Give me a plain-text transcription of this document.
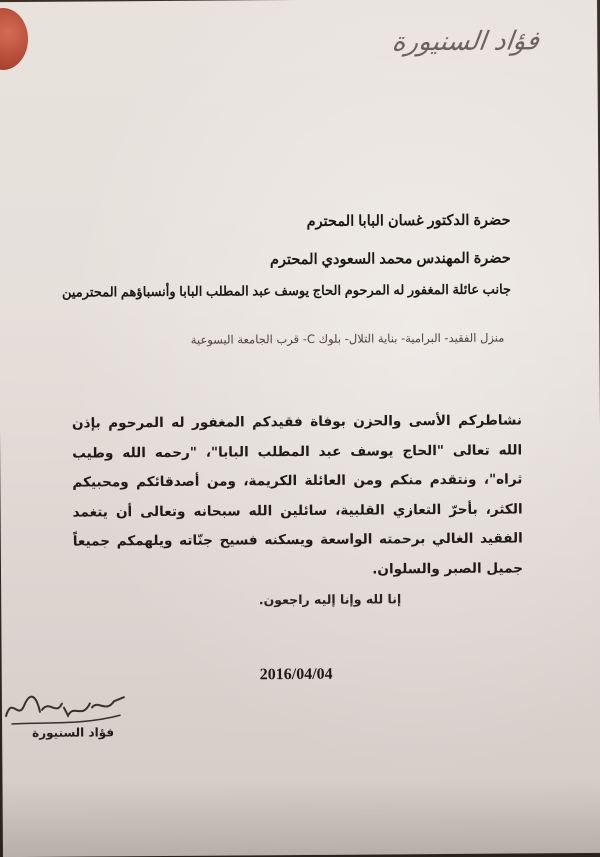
فؤاد السنيورة
حضرة الدكتور غسان البابا المحترم
حضرة المهندس محمد السعودي المحترم
جانب عائلة المغفور له المرحوم الحاج يوسف عبد المطلب البابا وأنسباؤهم المحترمين
منزل الفقيد- البرامية- بناية التلال- بلوك C- قرب الجامعة اليسوعية
نشاطركم الأسى والحزن بوفاة فقيدكم المغفور له المرحوم بإذن الله تعالى "الحاج يوسف عبد المطلب البابا"، "رحمه الله وطيب ثراه"، ونتقدم منكم ومن العائلة الكريمة، ومن أصدقائكم ومحبيكم الكثر، بأحرّ التعازي القلبية، سائلين الله سبحانه وتعالى أن يتغمد الفقيد الغالي برحمته الواسعة ويسكنه فسيح جنّاته ويلهمكم جميعاً جميل الصبر والسلوان.
إنا لله وإنا إليه راجعون.
2016/04/04
فؤاد السنيورة
